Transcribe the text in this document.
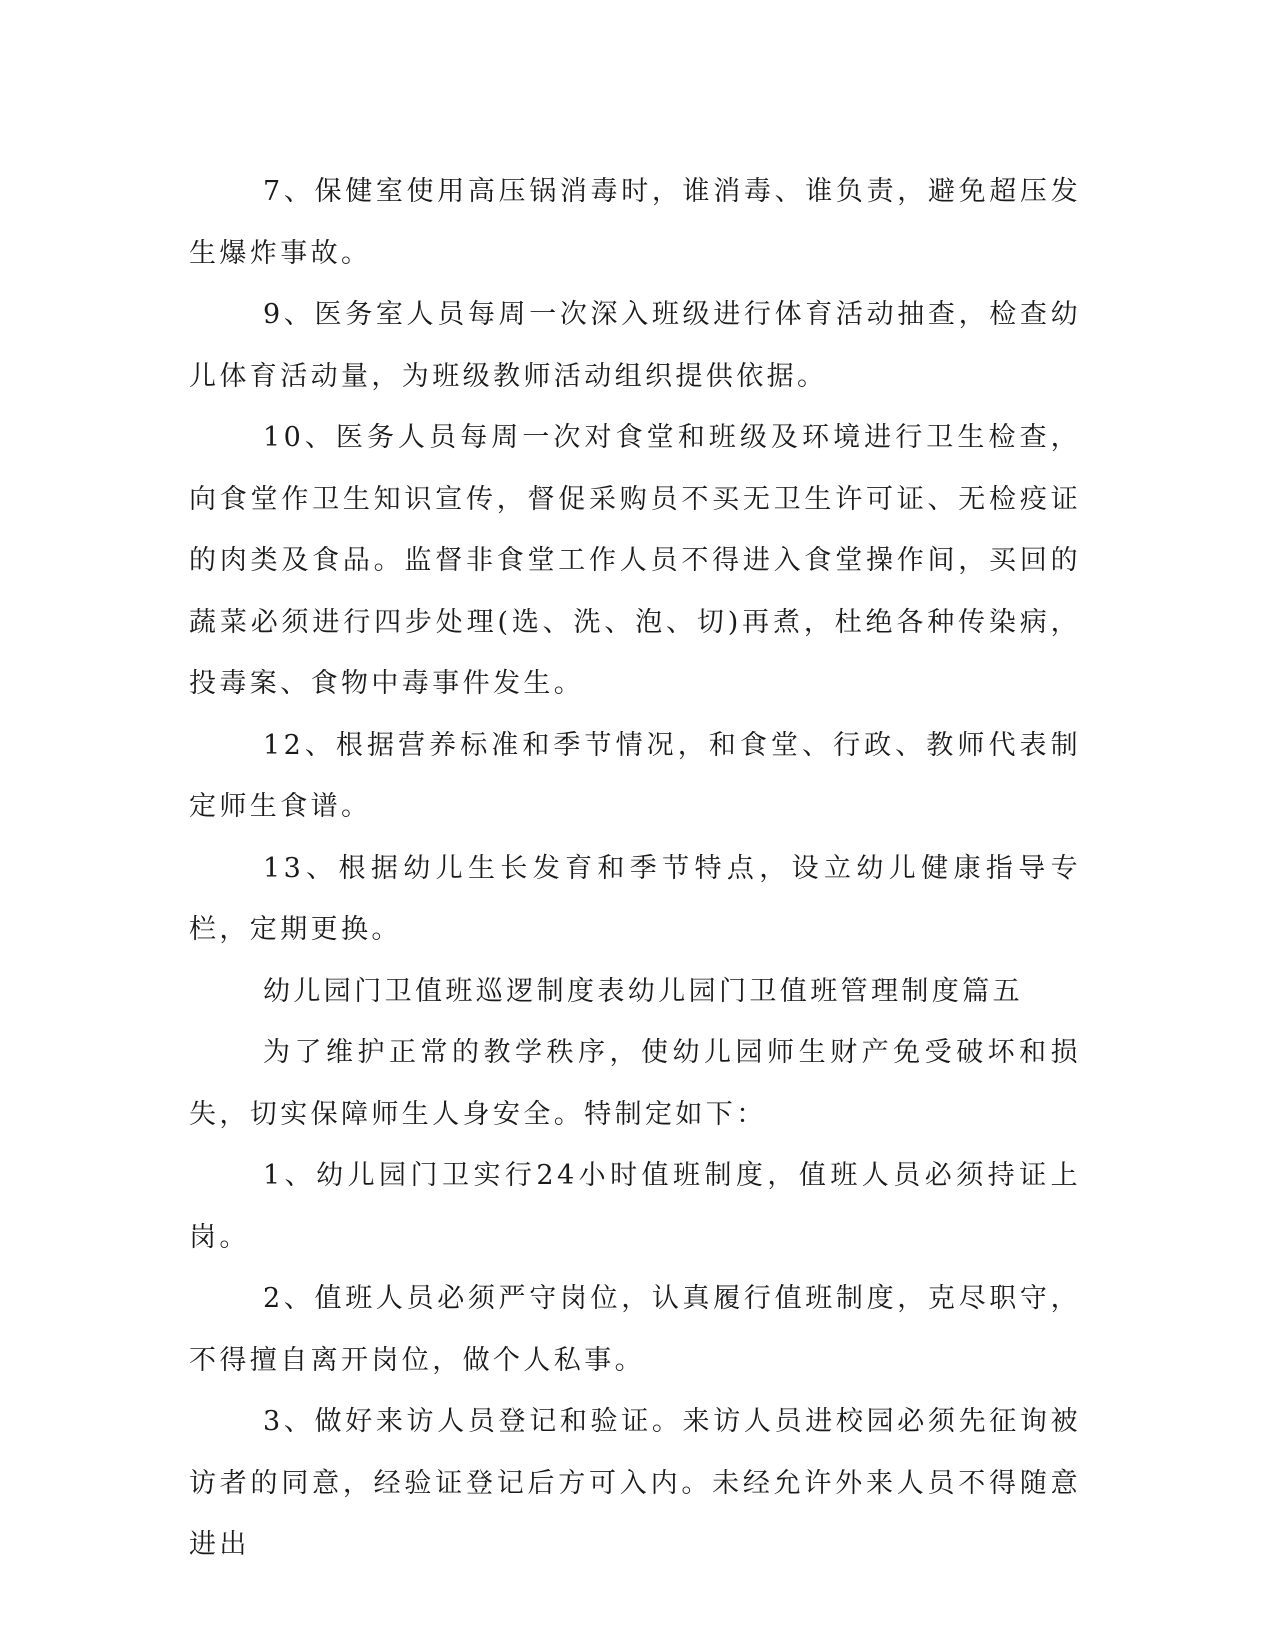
7、保健室使用高压锅消毒时，谁消毒、谁负责，避免超压发生爆炸事故。

9、医务室人员每周一次深入班级进行体育活动抽查，检查幼儿体育活动量，为班级教师活动组织提供依据。

10、医务人员每周一次对食堂和班级及环境进行卫生检查，向食堂作卫生知识宣传，督促采购员不买无卫生许可证、无检疫证的肉类及食品。监督非食堂工作人员不得进入食堂操作间，买回的蔬菜必须进行四步处理(选、洗、泡、切)再煮，杜绝各种传染病，投毒案、食物中毒事件发生。

12、根据营养标准和季节情况，和食堂、行政、教师代表制定师生食谱。

13、根据幼儿生长发育和季节特点，设立幼儿健康指导专栏，定期更换。

幼儿园门卫值班巡逻制度表幼儿园门卫值班管理制度篇五

为了维护正常的教学秩序，使幼儿园师生财产免受破坏和损失，切实保障师生人身安全。特制定如下：

1、幼儿园门卫实行24小时值班制度，值班人员必须持证上岗。

2、值班人员必须严守岗位，认真履行值班制度，克尽职守，不得擅自离开岗位，做个人私事。

3、做好来访人员登记和验证。来访人员进校园必须先征询被访者的同意，经验证登记后方可入内。未经允许外来人员不得随意进出
